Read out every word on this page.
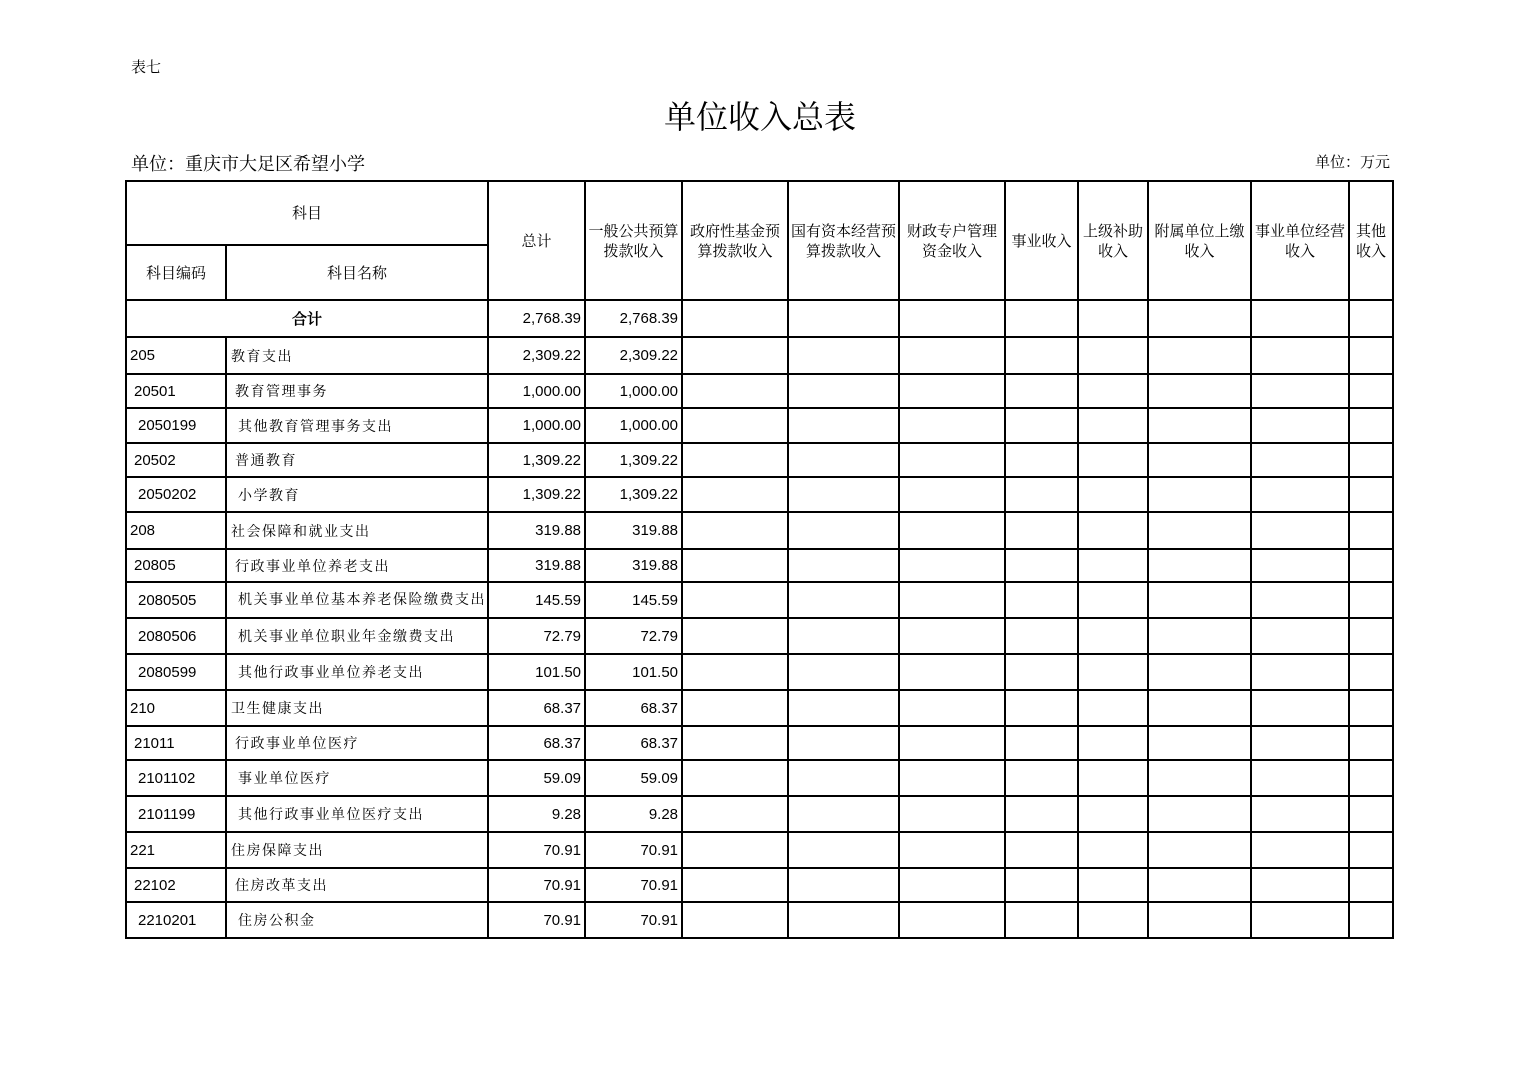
表七
单位收入总表
单位：重庆市大足区希望小学	单位：万元
科目		总计	一般公共预算拨款收入	政府性基金预算拨款收入	国有资本经营预算拨款收入	财政专户管理资金收入	事业收入	上级补助收入	附属单位上缴收入	事业单位经营收入	其他收入
科目编码	科目名称										
合计		2,768.39	2,768.39								
205	教育支出	2,309.22	2,309.22								
20501	教育管理事务	1,000.00	1,000.00								
2050199	其他教育管理事务支出	1,000.00	1,000.00								
20502	普通教育	1,309.22	1,309.22								
2050202	小学教育	1,309.22	1,309.22								
208	社会保障和就业支出	319.88	319.88								
20805	行政事业单位养老支出	319.88	319.88								
2080505	机关事业单位基本养老保险缴费支出	145.59	145.59								
2080506	机关事业单位职业年金缴费支出	72.79	72.79								
2080599	其他行政事业单位养老支出	101.50	101.50								
210	卫生健康支出	68.37	68.37								
21011	行政事业单位医疗	68.37	68.37								
2101102	事业单位医疗	59.09	59.09								
2101199	其他行政事业单位医疗支出	9.28	9.28								
221	住房保障支出	70.91	70.91								
22102	住房改革支出	70.91	70.91								
2210201	住房公积金	70.91	70.91								
